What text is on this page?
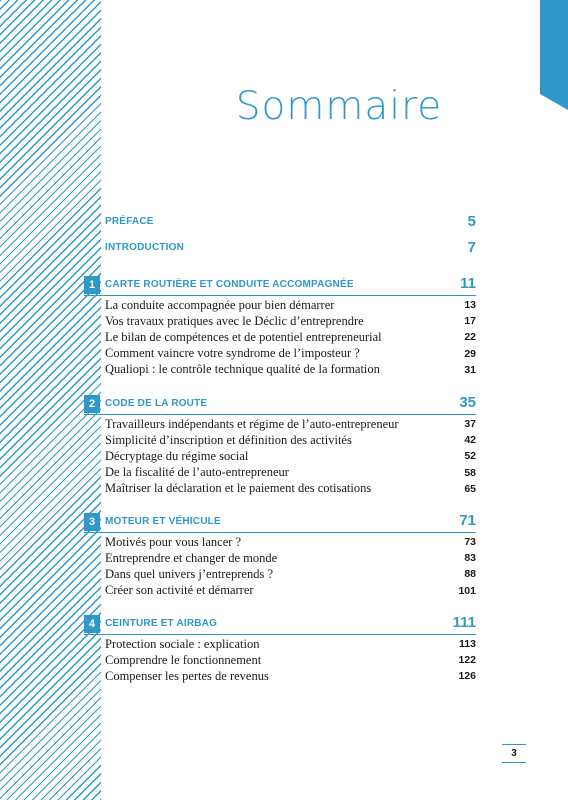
Sommaire
PRÉFACE	5
INTRODUCTION	7
1 CARTE ROUTIÈRE ET CONDUITE ACCOMPAGNÉE	11
La conduite accompagnée pour bien démarrer	13
Vos travaux pratiques avec le Déclic d’entreprendre	17
Le bilan de compétences et de potentiel entrepreneurial	22
Comment vaincre votre syndrome de l’imposteur ?	29
Qualiopi : le contrôle technique qualité de la formation	31
2 CODE DE LA ROUTE	35
Travailleurs indépendants et régime de l’auto-entrepreneur	37
Simplicité d’inscription et définition des activités	42
Décryptage du régime social	52
De la fiscalité de l’auto-entrepreneur	58
Maîtriser la déclaration et le paiement des cotisations	65
3 MOTEUR ET VÉHICULE	71
Motivés pour vous lancer ?	73
Entreprendre et changer de monde	83
Dans quel univers j’entreprends ?	88
Créer son activité et démarrer	101
4 CEINTURE ET AIRBAG	111
Protection sociale : explication	113
Comprendre le fonctionnement	122
Compenser les pertes de revenus	126
3
